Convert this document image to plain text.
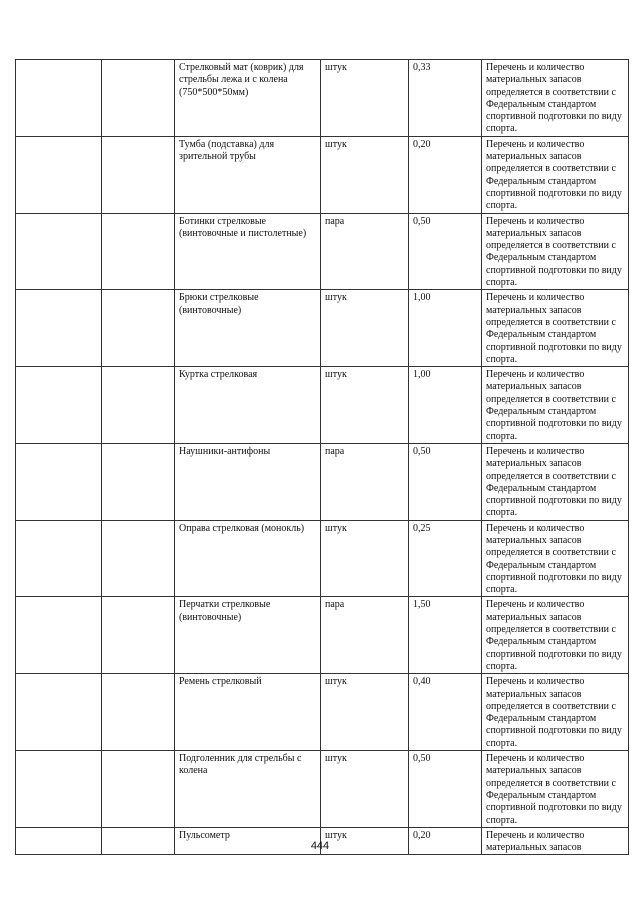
		Стрелковый мат (коврик) для стрельбы лежа и с колена (750*500*50мм)	штук	0,33	Перечень и количество материальных запасов определяется в соответствии с Федеральным стандартом спортивной подготовки по виду спорта.
		Тумба (подставка) для зрительной трубы	штук	0,20	Перечень и количество материальных запасов определяется в соответствии с Федеральным стандартом спортивной подготовки по виду спорта.
		Ботинки стрелковые (винтовочные и пистолетные)	пара	0,50	Перечень и количество материальных запасов определяется в соответствии с Федеральным стандартом спортивной подготовки по виду спорта.
		Брюки стрелковые (винтовочные)	штук	1,00	Перечень и количество материальных запасов определяется в соответствии с Федеральным стандартом спортивной подготовки по виду спорта.
		Куртка стрелковая	штук	1,00	Перечень и количество материальных запасов определяется в соответствии с Федеральным стандартом спортивной подготовки по виду спорта.
		Наушники-антифоны	пара	0,50	Перечень и количество материальных запасов определяется в соответствии с Федеральным стандартом спортивной подготовки по виду спорта.
		Оправа стрелковая (монокль)	штук	0,25	Перечень и количество материальных запасов определяется в соответствии с Федеральным стандартом спортивной подготовки по виду спорта.
		Перчатки стрелковые (винтовочные)	пара	1,50	Перечень и количество материальных запасов определяется в соответствии с Федеральным стандартом спортивной подготовки по виду спорта.
		Ремень стрелковый	штук	0,40	Перечень и количество материальных запасов определяется в соответствии с Федеральным стандартом спортивной подготовки по виду спорта.
		Подголенник для стрельбы с колена	штук	0,50	Перечень и количество материальных запасов определяется в соответствии с Федеральным стандартом спортивной подготовки по виду спорта.
		Пульсометр	штук	0,20	Перечень и количество материальных запасов
444
